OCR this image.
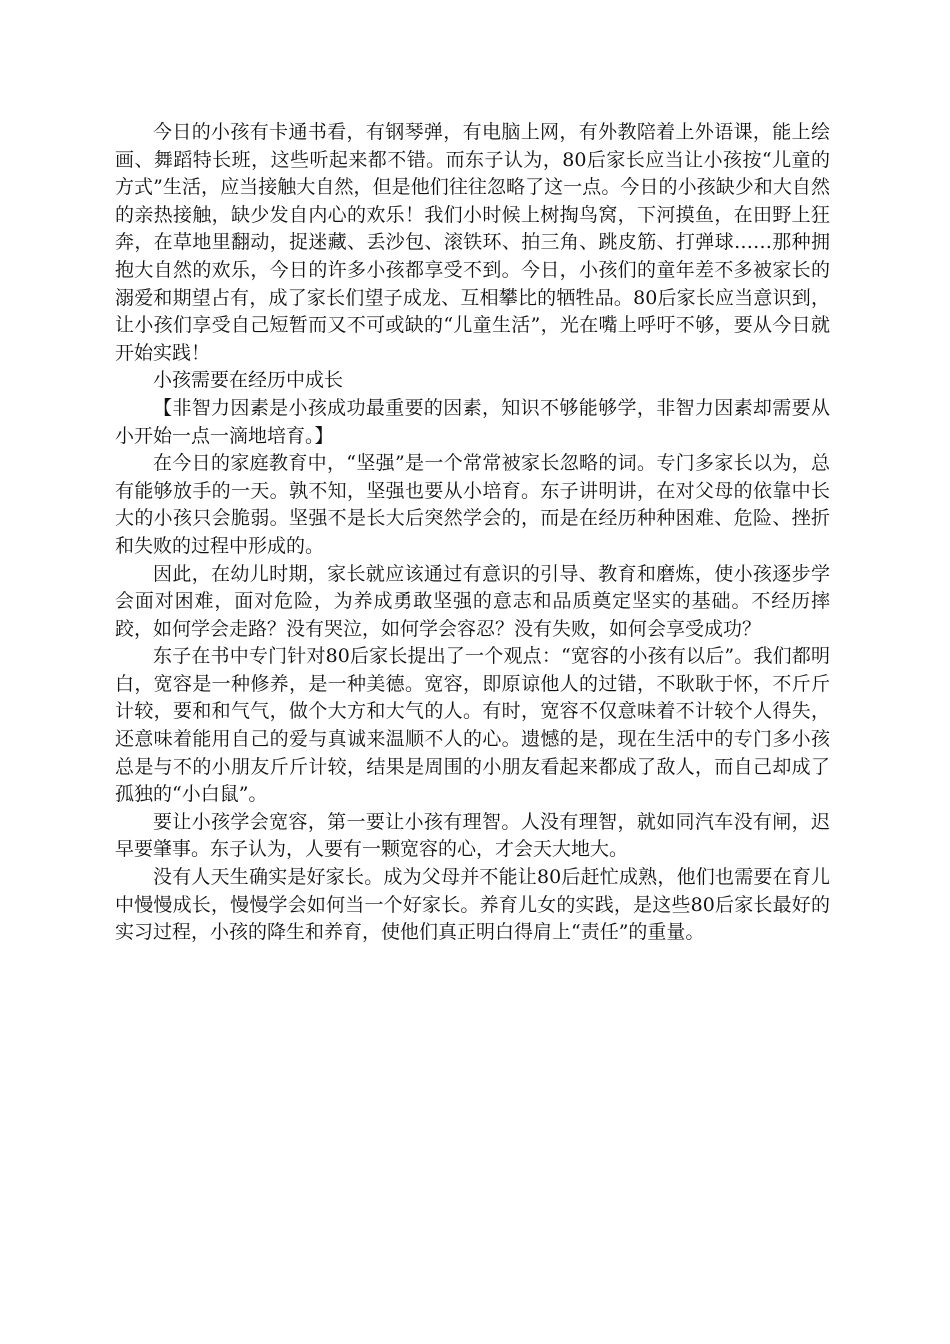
今日的小孩有卡通书看，有钢琴弹，有电脑上网，有外教陪着上外语课，能上绘画、舞蹈特长班，这些听起来都不错。而东子认为，80后家长应当让小孩按“儿童的方式”生活，应当接触大自然，但是他们往往忽略了这一点。今日的小孩缺少和大自然的亲热接触，缺少发自内心的欢乐！我们小时候上树掏鸟窝，下河摸鱼，在田野上狂奔，在草地里翻动，捉迷藏、丢沙包、滚铁环、拍三角、跳皮筋、打弹球……那种拥抱大自然的欢乐，今日的许多小孩都享受不到。今日，小孩们的童年差不多被家长的溺爱和期望占有，成了家长们望子成龙、互相攀比的牺牲品。80后家长应当意识到，让小孩们享受自己短暂而又不可或缺的“儿童生活”，光在嘴上呼吁不够，要从今日就开始实践！

小孩需要在经历中成长

【非智力因素是小孩成功最重要的因素，知识不够能够学，非智力因素却需要从小开始一点一滴地培育。】

在今日的家庭教育中，“坚强”是一个常常被家长忽略的词。专门多家长以为，总有能够放手的一天。孰不知，坚强也要从小培育。东子讲明讲，在对父母的依靠中长大的小孩只会脆弱。坚强不是长大后突然学会的，而是在经历种种困难、危险、挫折和失败的过程中形成的。

因此，在幼儿时期，家长就应该通过有意识的引导、教育和磨炼，使小孩逐步学会面对困难，面对危险，为养成勇敢坚强的意志和品质奠定坚实的基础。不经历摔跤，如何学会走路？没有哭泣，如何学会容忍？没有失败，如何会享受成功？

东子在书中专门针对80后家长提出了一个观点：“宽容的小孩有以后”。我们都明白，宽容是一种修养，是一种美德。宽容，即原谅他人的过错，不耿耿于怀，不斤斤计较，要和和气气，做个大方和大气的人。有时，宽容不仅意味着不计较个人得失，还意味着能用自己的爱与真诚来温顺不人的心。遗憾的是，现在生活中的专门多小孩总是与不的小朋友斤斤计较，结果是周围的小朋友看起来都成了敌人，而自己却成了孤独的“小白鼠”。

要让小孩学会宽容，第一要让小孩有理智。人没有理智，就如同汽车没有闸，迟早要肇事。东子认为，人要有一颗宽容的心，才会天大地大。

没有人天生确实是好家长。成为父母并不能让80后赶忙成熟，他们也需要在育儿中慢慢成长，慢慢学会如何当一个好家长。养育儿女的实践，是这些80后家长最好的实习过程，小孩的降生和养育，使他们真正明白得肩上“责任”的重量。
